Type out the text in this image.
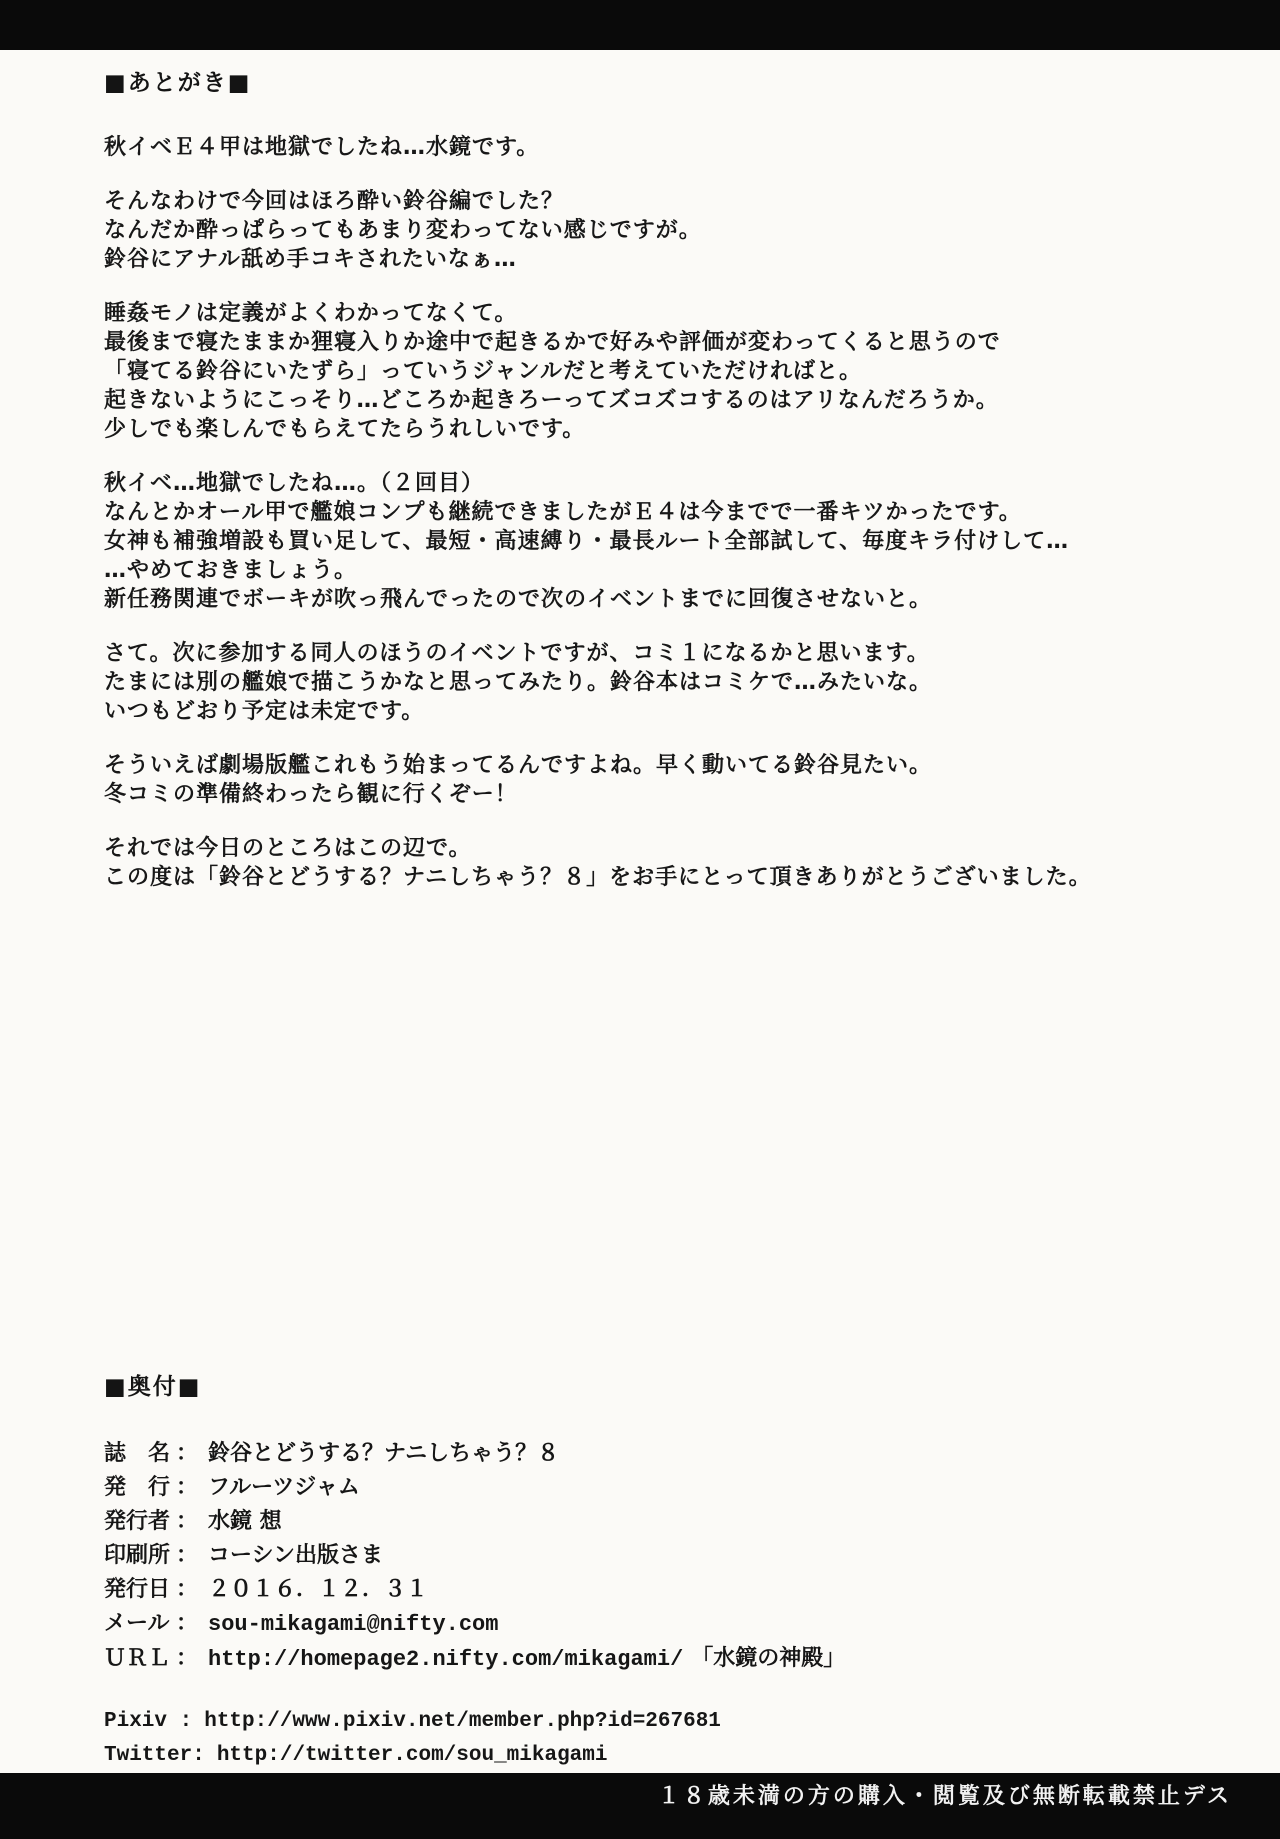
■あとがき■
秋イベＥ４甲は地獄でしたね…水鏡です。
そんなわけで今回はほろ酔い鈴谷編でした？
なんだか酔っぱらってもあまり変わってない感じですが。
鈴谷にアナル舐め手コキされたいなぁ…
睡姦モノは定義がよくわかってなくて。
最後まで寝たままか狸寝入りか途中で起きるかで好みや評価が変わってくると思うので
「寝てる鈴谷にいたずら」っていうジャンルだと考えていただければと。
起きないようにこっそり…どころか起きろーってズコズコするのはアリなんだろうか。
少しでも楽しんでもらえてたらうれしいです。
秋イベ…地獄でしたね…。（２回目）
なんとかオール甲で艦娘コンプも継続できましたがＥ４は今までで一番キツかったです。
女神も補強増設も買い足して、最短・高速縛り・最長ルート全部試して、毎度キラ付けして…
…やめておきましょう。
新任務関連でボーキが吹っ飛んでったので次のイベントまでに回復させないと。
さて。次に参加する同人のほうのイベントですが、コミ１になるかと思います。
たまには別の艦娘で描こうかなと思ってみたり。鈴谷本はコミケで…みたいな。
いつもどおり予定は未定です。
そういえば劇場版艦これもう始まってるんですよね。早く動いてる鈴谷見たい。
冬コミの準備終わったら観に行くぞー！
それでは今日のところはこの辺で。
この度は「鈴谷とどうする？ナニしちゃう？８」をお手にとって頂きありがとうございました。
■奥付■
誌　名 ： 鈴谷とどうする？ナニしちゃう？８
発　行 ： フルーツジャム
発行者 ： 水鏡 想
印刷所 ： コーシン出版さま
発行日 ： ２０１６．１２．３１
メール ： sou-mikagami@nifty.com
ＵＲＬ ： http://homepage2.nifty.com/mikagami/ 「水鏡の神殿」
Pixiv : http://www.pixiv.net/member.php?id=267681
Twitter: http://twitter.com/sou_mikagami
１８歳未満の方の購入・閲覧及び無断転載禁止デス
